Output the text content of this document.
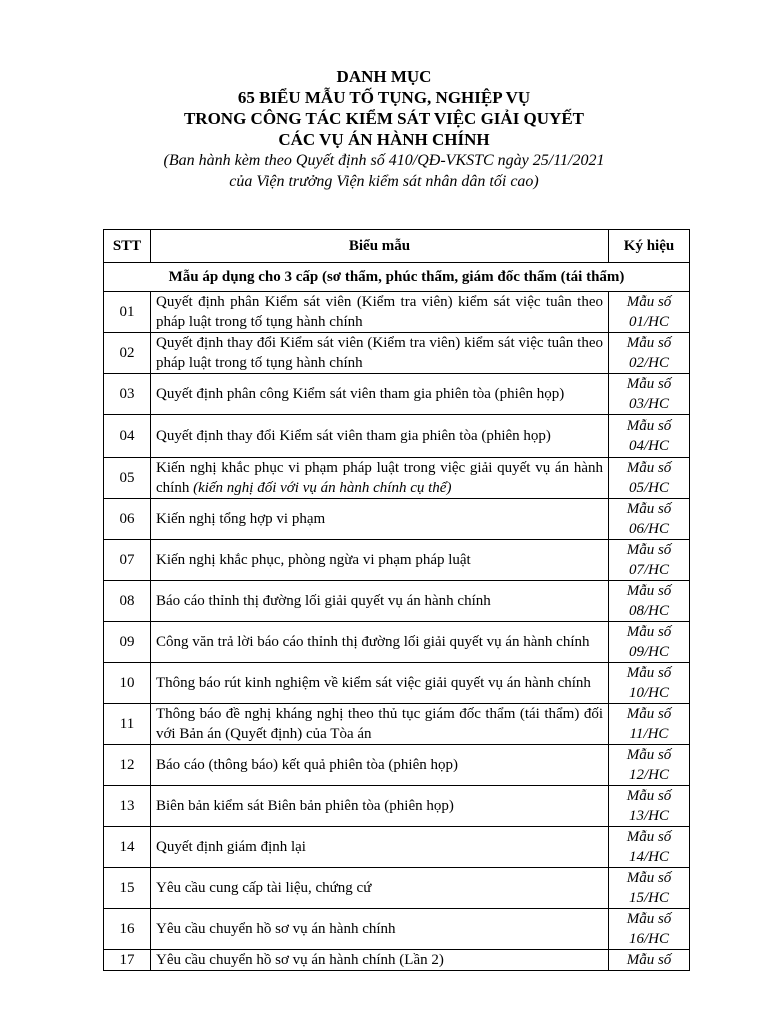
DANH MỤC
65 BIỂU MẪU TỐ TỤNG, NGHIỆP VỤ
TRONG CÔNG TÁC KIỂM SÁT VIỆC GIẢI QUYẾT
CÁC VỤ ÁN HÀNH CHÍNH
(Ban hành kèm theo Quyết định số 410/QĐ-VKSTC ngày 25/11/2021
của Viện trưởng Viện kiểm sát nhân dân tối cao)
STT	Biểu mẫu	Ký hiệu
Mẫu áp dụng cho 3 cấp (sơ thẩm, phúc thẩm, giám đốc thẩm (tái thẩm)		
01	Quyết định phân Kiểm sát viên (Kiểm tra viên) kiểm sát việc tuân theo pháp luật trong tố tụng hành chính	Mẫu số
01/HC

02	Quyết định thay đổi Kiểm sát viên (Kiểm tra viên) kiểm sát việc tuân theo pháp luật trong tố tụng hành chính	Mẫu số
02/HC

03	Quyết định phân công Kiểm sát viên tham gia phiên tòa (phiên họp)	Mẫu số
03/HC

04	Quyết định thay đổi Kiểm sát viên tham gia phiên tòa (phiên họp)	Mẫu số
04/HC

05	Kiến nghị khắc phục vi phạm pháp luật trong việc giải quyết vụ án hành chính (kiến nghị đối với vụ án hành chính cụ thể)	Mẫu số
05/HC

06	Kiến nghị tổng hợp vi phạm	Mẫu số
06/HC

07	Kiến nghị khắc phục, phòng ngừa vi phạm pháp luật	Mẫu số
07/HC

08	Báo cáo thỉnh thị đường lối giải quyết vụ án hành chính	Mẫu số
08/HC

09	Công văn trả lời báo cáo thỉnh thị đường lối giải quyết vụ án hành chính	Mẫu số
09/HC

10	Thông báo rút kinh nghiệm về kiểm sát việc giải quyết vụ án hành chính	Mẫu số
10/HC

11	Thông báo đề nghị kháng nghị theo thủ tục giám đốc thẩm (tái thẩm) đối với Bản án (Quyết định) của Tòa án	Mẫu số
11/HC

12	Báo cáo (thông báo) kết quả phiên tòa (phiên họp)	Mẫu số
12/HC

13	Biên bản kiểm sát Biên bản phiên tòa (phiên họp)	Mẫu số
13/HC

14	Quyết định giám định lại	Mẫu số
14/HC

15	Yêu cầu cung cấp tài liệu, chứng cứ	Mẫu số
15/HC

16	Yêu cầu chuyển hồ sơ vụ án hành chính	Mẫu số
16/HC

17	Yêu cầu chuyển hồ sơ vụ án hành chính (Lần 2)	Mẫu số
